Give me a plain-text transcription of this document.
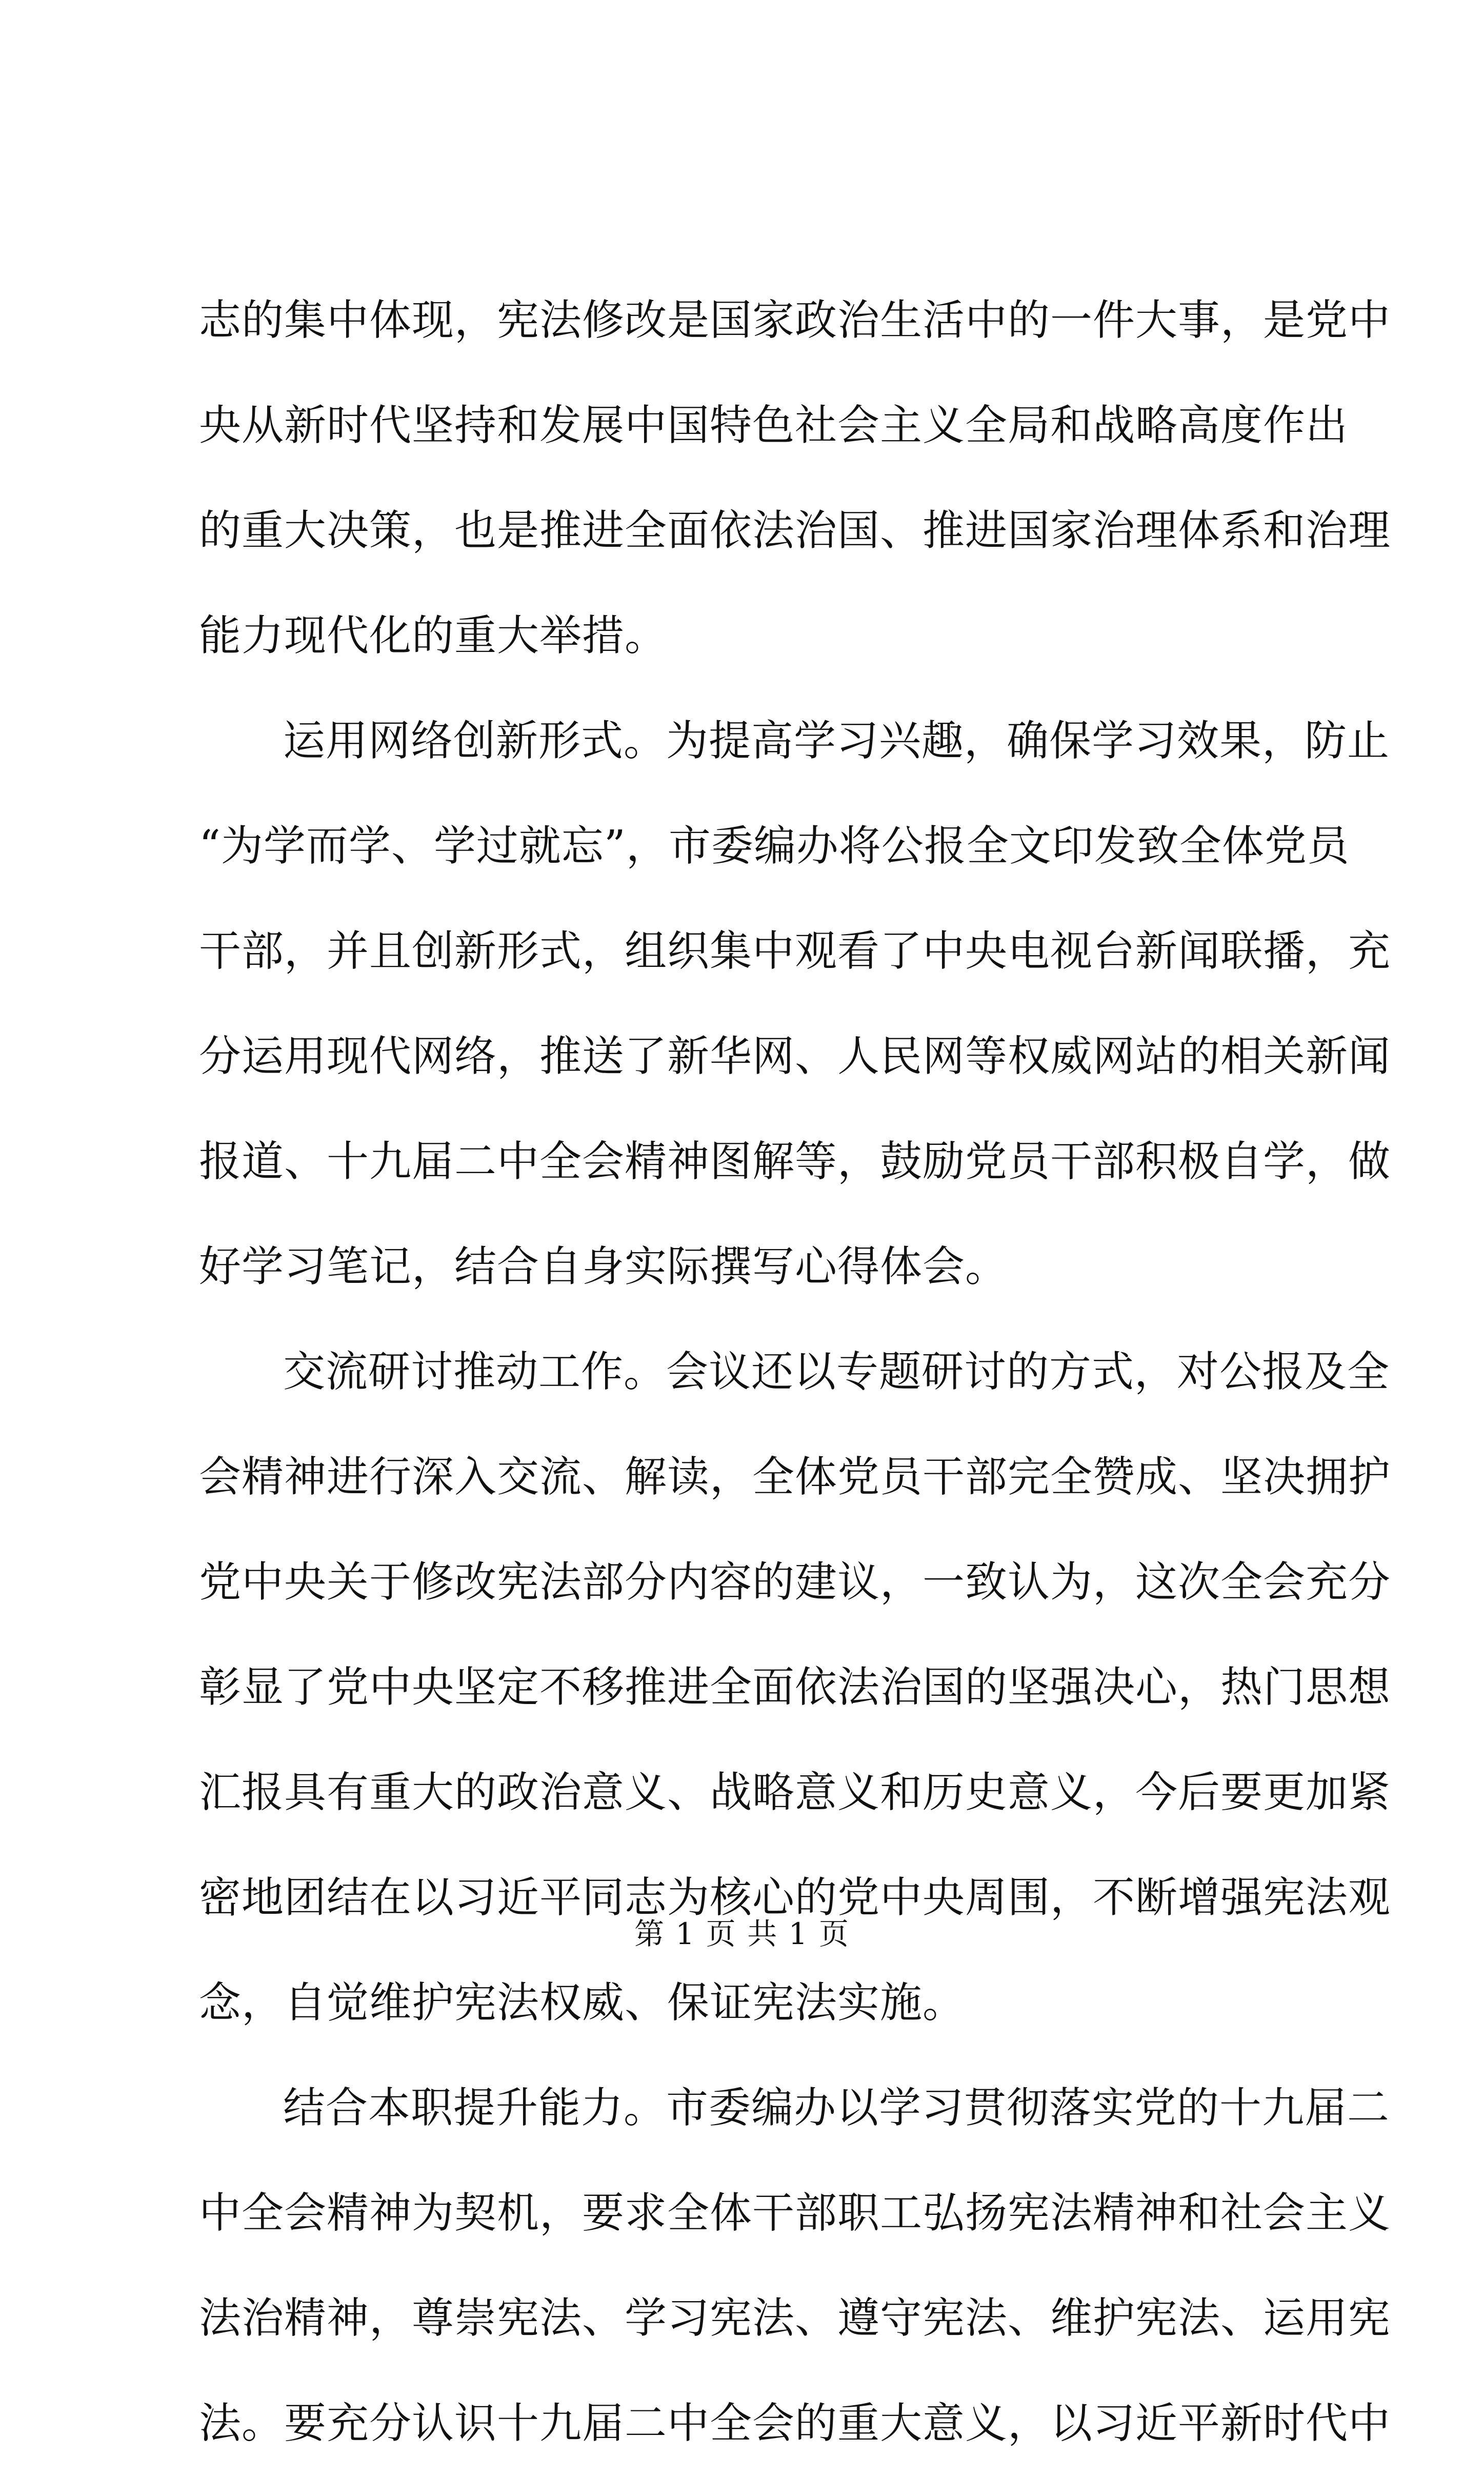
志的集中体现，宪法修改是国家政治生活中的一件大事，是党中
央从新时代坚持和发展中国特色社会主义全局和战略高度作出
的重大决策，也是推进全面依法治国、推进国家治理体系和治理
能力现代化的重大举措。
运用网络创新形式。为提高学习兴趣，确保学习效果，防止
“为学而学、学过就忘”，市委编办将公报全文印发致全体党员
干部，并且创新形式，组织集中观看了中央电视台新闻联播，充
分运用现代网络，推送了新华网、人民网等权威网站的相关新闻
报道、十九届二中全会精神图解等，鼓励党员干部积极自学，做
好学习笔记，结合自身实际撰写心得体会。
交流研讨推动工作。会议还以专题研讨的方式，对公报及全
会精神进行深入交流、解读，全体党员干部完全赞成、坚决拥护
党中央关于修改宪法部分内容的建议，一致认为，这次全会充分
彰显了党中央坚定不移推进全面依法治国的坚强决心，热门思想
汇报具有重大的政治意义、战略意义和历史意义，今后要更加紧
密地团结在以习近平同志为核心的党中央周围，不断增强宪法观
念，自觉维护宪法权威、保证宪法实施。
结合本职提升能力。市委编办以学习贯彻落实党的十九届二
中全会精神为契机，要求全体干部职工弘扬宪法精神和社会主义
法治精神，尊崇宪法、学习宪法、遵守宪法、维护宪法、运用宪
法。要充分认识十九届二中全会的重大意义，以习近平新时代中
第 1 页 共 1 页
